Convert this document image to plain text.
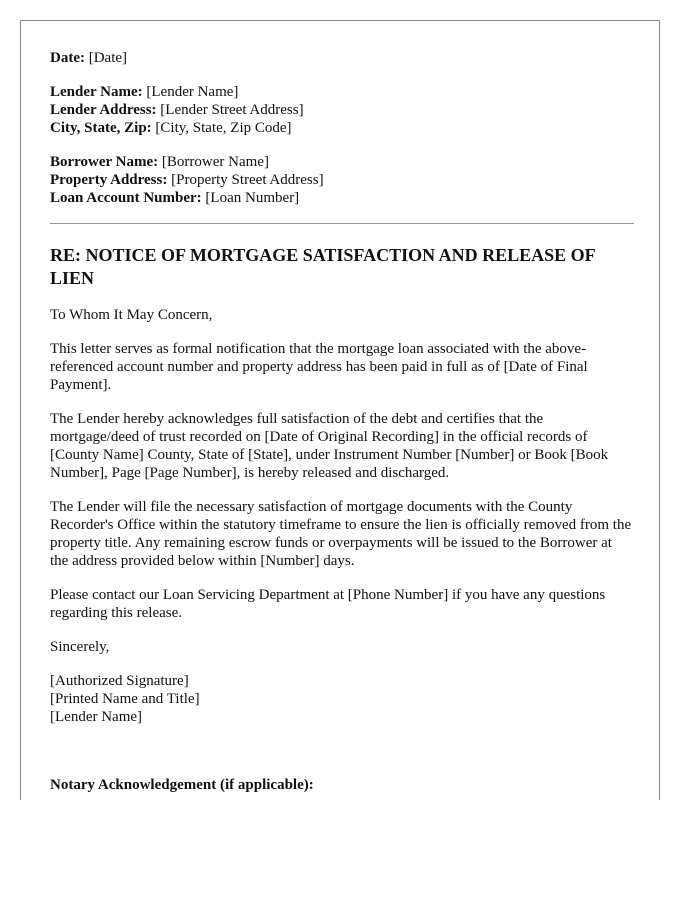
Date: [Date]
Lender Name: [Lender Name]
Lender Address: [Lender Street Address]
City, State, Zip: [City, State, Zip Code]
Borrower Name: [Borrower Name]
Property Address: [Property Street Address]
Loan Account Number: [Loan Number]
RE: NOTICE OF MORTGAGE SATISFACTION AND RELEASE OF LIEN

To Whom It May Concern,

This letter serves as formal notification that the mortgage loan associated with the above-referenced account number and property address has been paid in full as of [Date of Final Payment].

The Lender hereby acknowledges full satisfaction of the debt and certifies that the mortgage/deed of trust recorded on [Date of Original Recording] in the official records of [County Name] County, State of [State], under Instrument Number [Number] or Book [Book Number], Page [Page Number], is hereby released and discharged.

The Lender will file the necessary satisfaction of mortgage documents with the County Recorder's Office within the statutory timeframe to ensure the lien is officially removed from the property title. Any remaining escrow funds or overpayments will be issued to the Borrower at the address provided below within [Number] days.

Please contact our Loan Servicing Department at [Phone Number] if you have any questions regarding this release.

Sincerely,

[Authorized Signature]
[Printed Name and Title]
[Lender Name]

Notary Acknowledgement (if applicable):
